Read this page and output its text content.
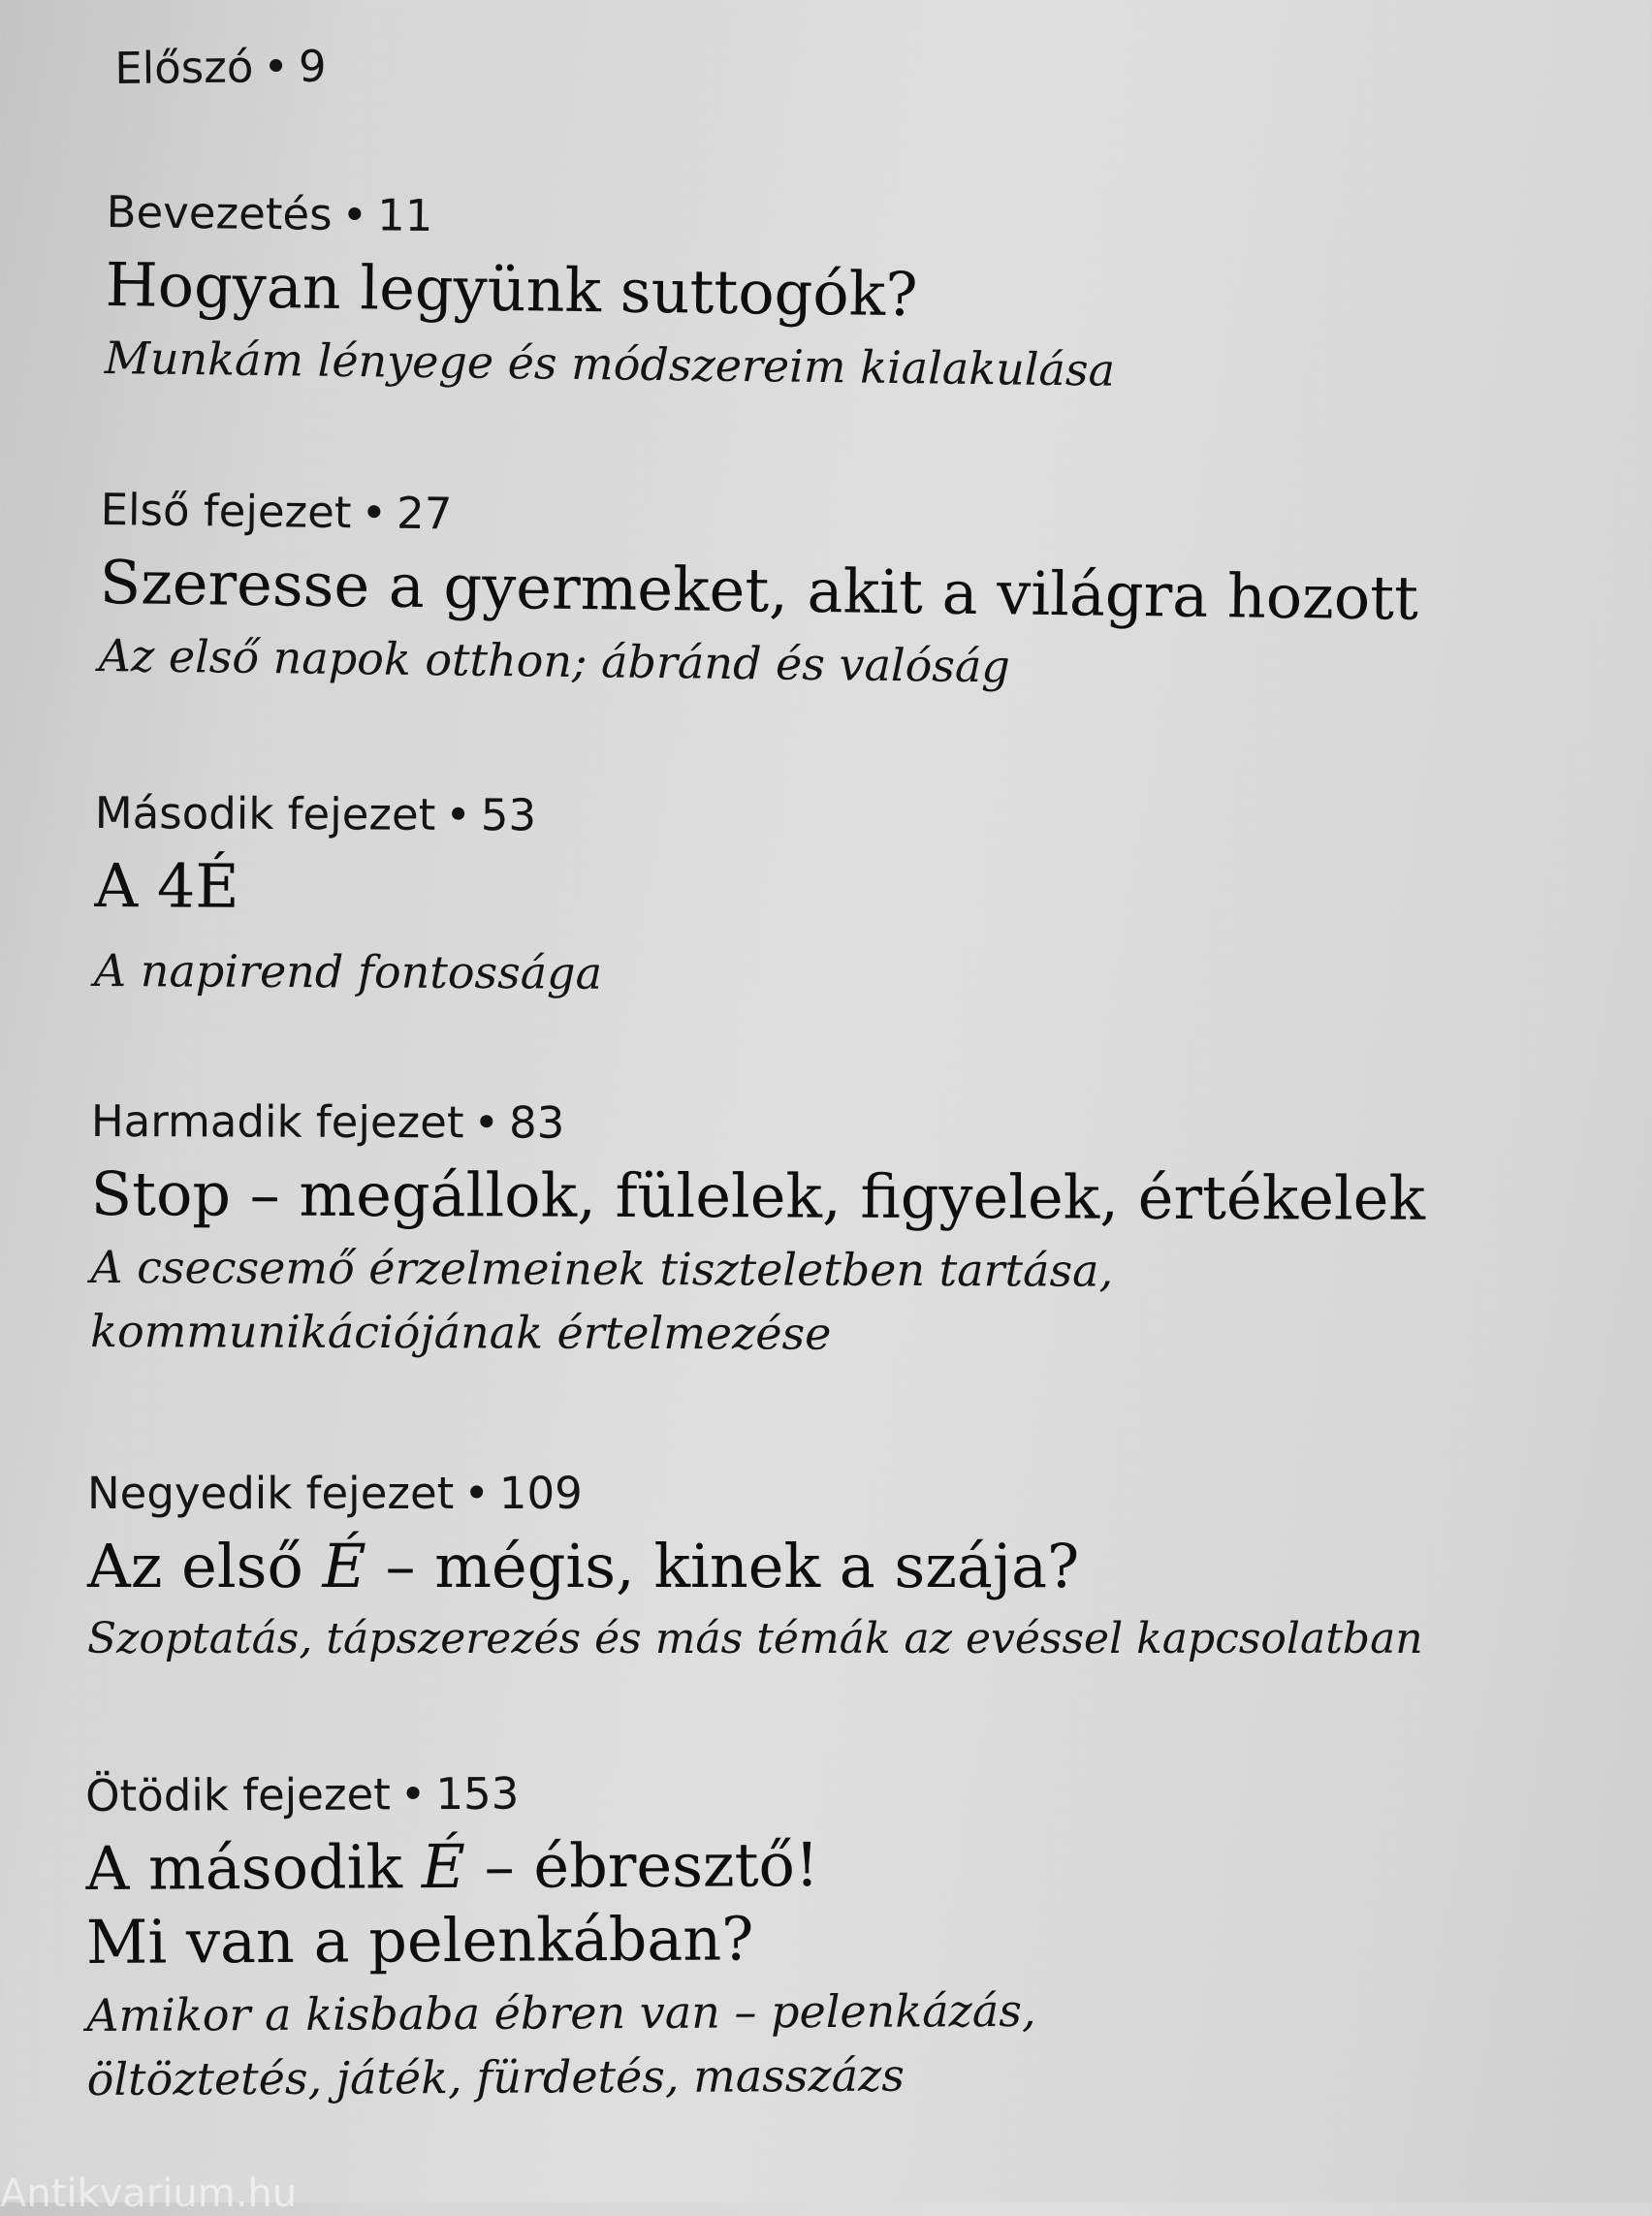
Előszó • 9
Bevezetés • 11
Hogyan legyünk suttogók?
Munkám lényege és módszereim kialakulása
Első fejezet • 27
Szeresse a gyermeket, akit a világra hozott
Az első napok otthon; ábránd és valóság
Második fejezet • 53
A 4É
A napirend fontossága
Harmadik fejezet • 83
Stop – megállok, fülelek, figyelek, értékelek
A csecsemő érzelmeinek tiszteletben tartása,
kommunikációjának értelmezése
Negyedik fejezet • 109
Az első É – mégis, kinek a szája?
Szoptatás, tápszerezés és más témák az evéssel kapcsolatban
Ötödik fejezet • 153
A második É – ébresztő!
Mi van a pelenkában?
Amikor a kisbaba ébren van – pelenkázás,
öltöztetés, játék, fürdetés, masszázs
Antikvarium.hu
